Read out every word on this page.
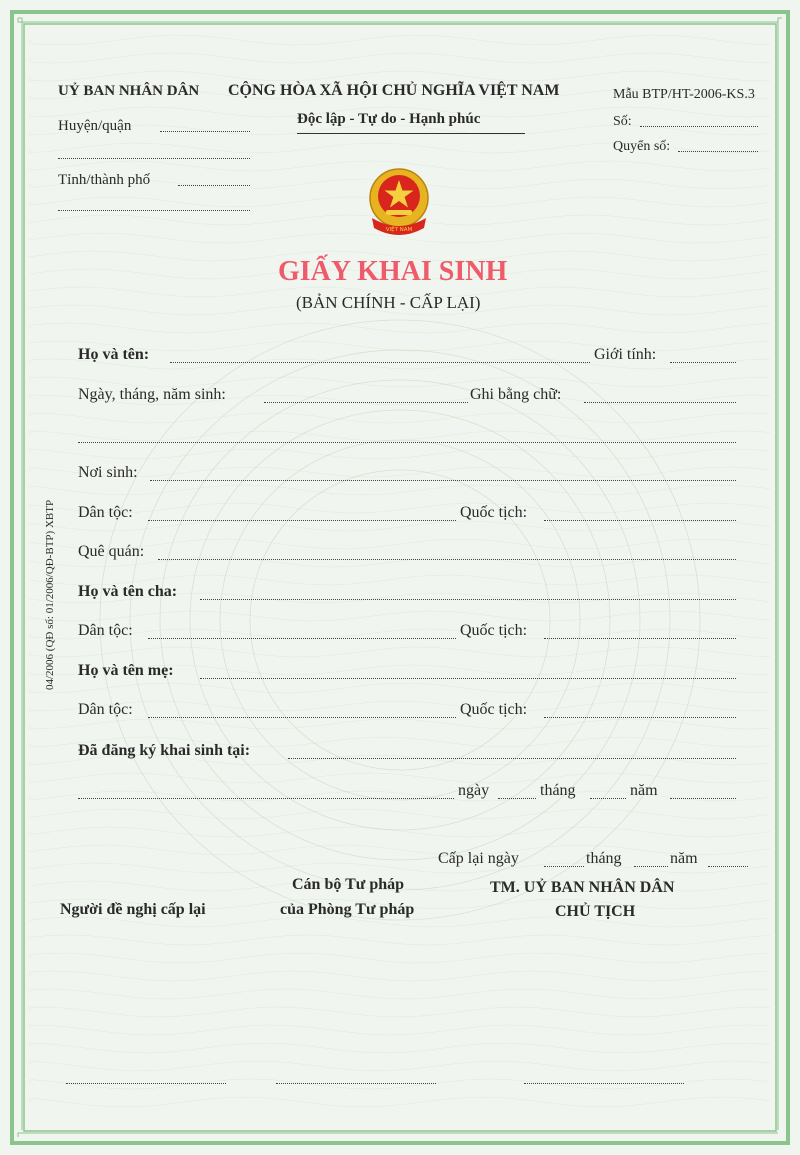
UỶ BAN NHÂN DÂN
Huyện/quận
Tỉnh/thành phố
CỘNG HÒA XÃ HỘI CHỦ NGHĨA VIỆT NAM
Độc lập - Tự do - Hạnh phúc
Mẫu BTP/HT-2006-KS.3
Số:
Quyển số:
VIỆT NAM
GIẤY KHAI SINH
(BẢN CHÍNH - CẤP LẠI)
Họ và tên:	Giới tính:
Ngày, tháng, năm sinh:	Ghi bằng chữ:
Nơi sinh:
Dân tộc:	Quốc tịch:
Quê quán:
Họ và tên cha:
Dân tộc:	Quốc tịch:
Họ và tên mẹ:
Dân tộc:	Quốc tịch:
Đã đăng ký khai sinh tại:
ngày	tháng	năm
Cấp lại ngày	tháng	năm
Người đề nghị cấp lại
Cán bộ Tư pháp
của Phòng Tư pháp
TM. UỶ BAN NHÂN DÂN
CHỦ TỊCH
04/2006 (QĐ số: 01/2006/QĐ-BTP) XBTP
